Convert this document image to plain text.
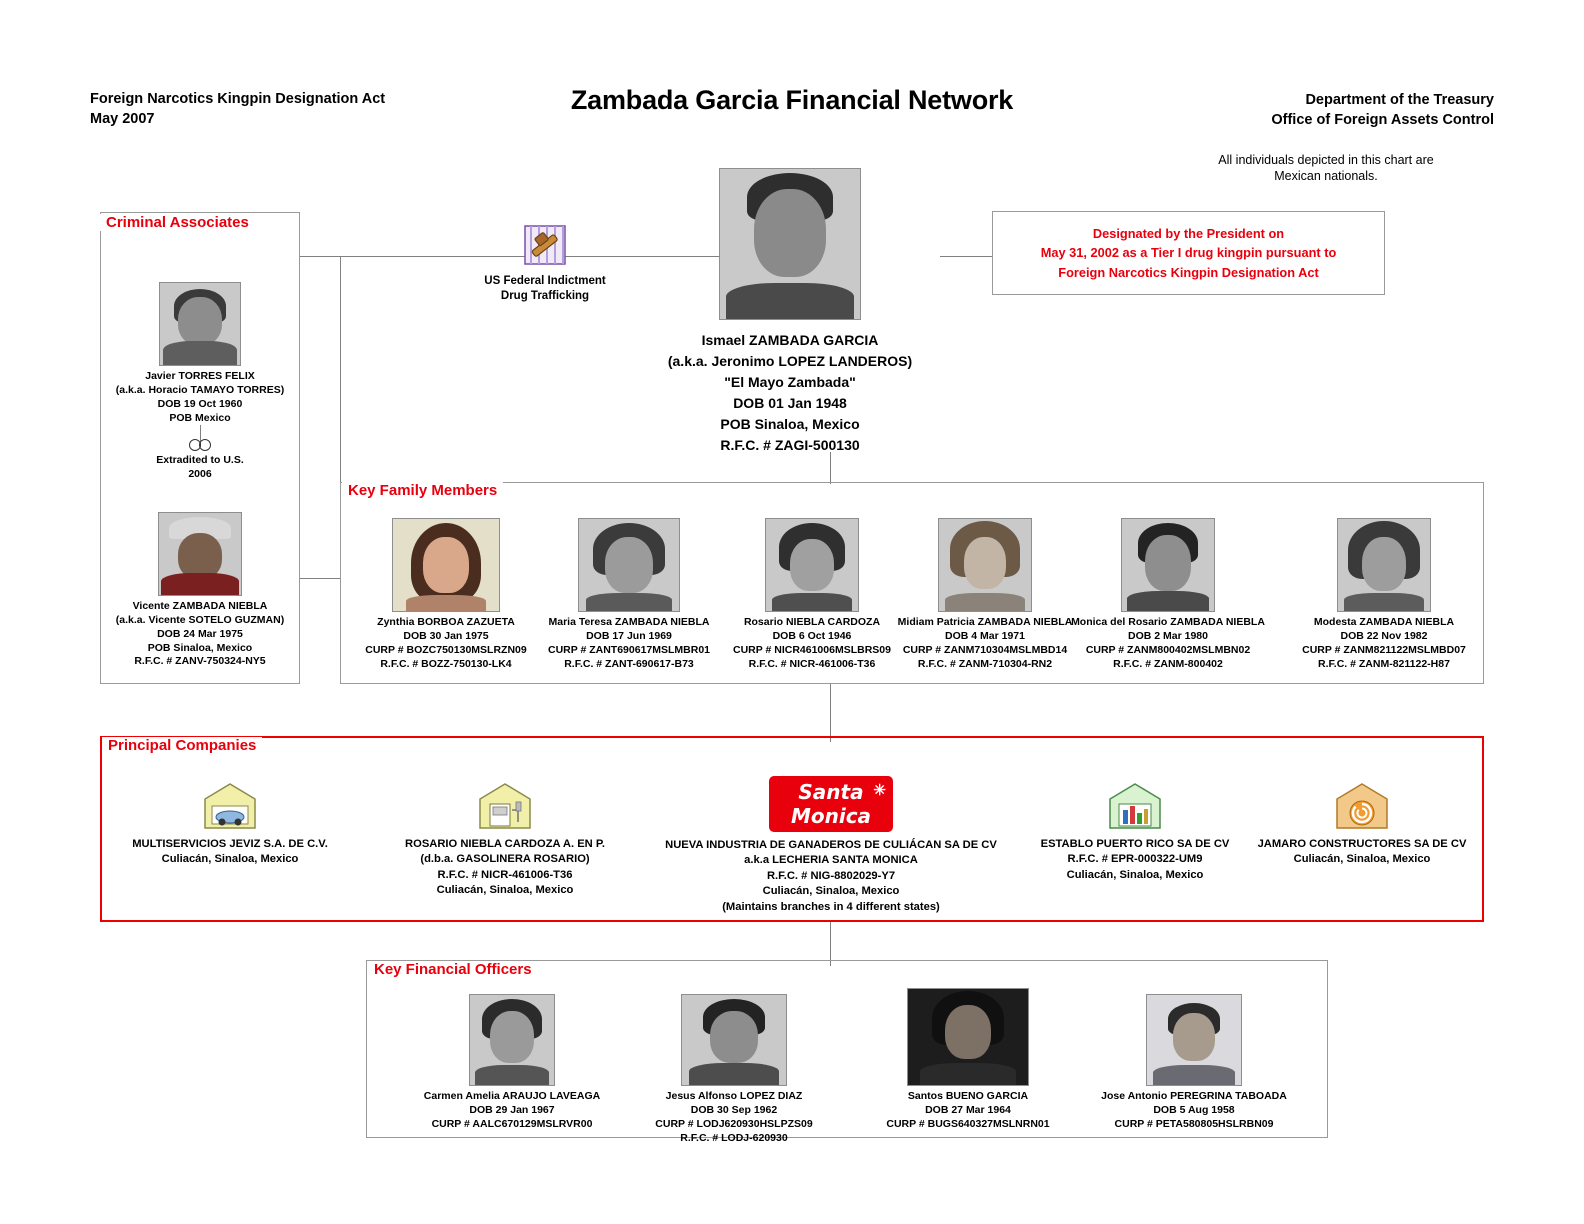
Foreign Narcotics Kingpin Designation Act
May 2007
Zambada Garcia Financial Network	Department of the Treasury
Office of Foreign Assets Control
All individuals depicted in this chart are Mexican nationals.
Criminal Associates
Javier TORRES FELIX
(a.k.a. Horacio TAMAYO TORRES)
DOB 19 Oct 1960
POB Mexico
Extradited to U.S.
2006
Vicente ZAMBADA NIEBLA
(a.k.a. Vicente SOTELO GUZMAN)
DOB 24 Mar 1975
POB Sinaloa, Mexico
R.F.C. # ZANV-750324-NY5
US Federal Indictment
Drug Trafficking
Ismael ZAMBADA GARCIA
(a.k.a. Jeronimo LOPEZ LANDEROS)
"El Mayo Zambada"
DOB 01 Jan 1948
POB Sinaloa, Mexico
R.F.C. # ZAGI-500130
Designated by the President on
May 31, 2002 as a Tier I drug kingpin pursuant to
Foreign Narcotics Kingpin Designation Act
Key Family Members
Zynthia BORBOA ZAZUETA
DOB 30 Jan 1975
CURP # BOZC750130MSLRZN09
R.F.C. # BOZZ-750130-LK4
Maria Teresa ZAMBADA NIEBLA
DOB 17 Jun 1969
CURP # ZANT690617MSLMBR01
R.F.C. # ZANT-690617-B73
Rosario NIEBLA CARDOZA
DOB 6 Oct 1946
CURP # NICR461006MSLBRS09
R.F.C. # NICR-461006-T36
Midiam Patricia ZAMBADA NIEBLA
DOB 4 Mar 1971
CURP # ZANM710304MSLMBD14
R.F.C. # ZANM-710304-RN2
Monica del Rosario ZAMBADA NIEBLA
DOB 2 Mar 1980
CURP # ZANM800402MSLMBN02
R.F.C. # ZANM-800402
Modesta ZAMBADA NIEBLA
DOB 22 Nov 1982
CURP # ZANM821122MSLMBD07
R.F.C. # ZANM-821122-H87
Principal Companies
MULTISERVICIOS JEVIZ S.A. DE C.V.
Culiacán, Sinaloa, Mexico
ROSARIO NIEBLA CARDOZA A. EN P.
(d.b.a. GASOLINERA ROSARIO)
R.F.C. # NICR-461006-T36
Culiacán, Sinaloa, Mexico
✳
Santa
Monica
NUEVA INDUSTRIA DE GANADEROS DE CULIÁCAN SA DE CV
a.k.a LECHERIA SANTA MONICA
R.F.C. # NIG-8802029-Y7
Culiacán, Sinaloa, Mexico
(Maintains branches in 4 different states)
ESTABLO PUERTO RICO SA DE CV
R.F.C. # EPR-000322-UM9
Culiacán, Sinaloa, Mexico
JAMARO CONSTRUCTORES SA DE CV
Culiacán, Sinaloa, Mexico
Key Financial Officers
Carmen Amelia ARAUJO LAVEAGA
DOB 29 Jan 1967
CURP # AALC670129MSLRVR00
Jesus Alfonso LOPEZ DIAZ
DOB 30 Sep 1962
CURP # LODJ620930HSLPZS09
R.F.C. # LODJ-620930
Santos BUENO GARCIA
DOB 27 Mar 1964
CURP # BUGS640327MSLNRN01
Jose Antonio PEREGRINA TABOADA
DOB 5 Aug 1958
CURP # PETA580805HSLRBN09
